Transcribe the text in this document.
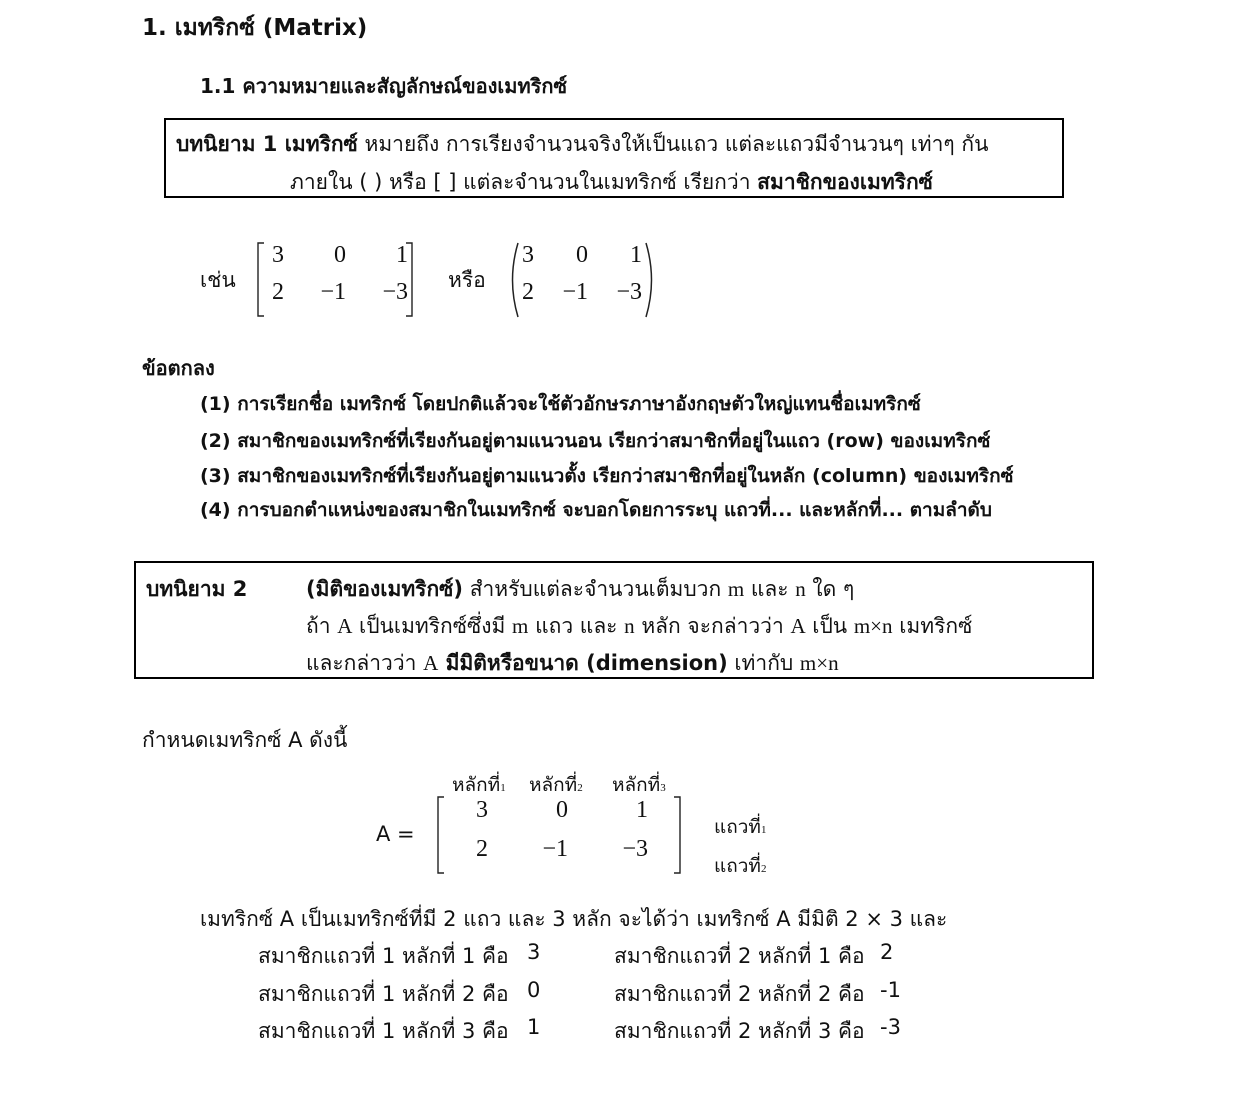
1. เมทริกซ์ (Matrix)
1.1 ความหมายและสัญลักษณ์ของเมทริกซ์
บทนิยาม 1 เมทริกซ์ หมายถึง การเรียงจำนวนจริงให้เป็นแถว แต่ละแถวมีจำนวนๆ เท่าๆ กัน
ภายใน ( ) หรือ [ ] แต่ละจำนวนในเมทริกซ์ เรียกว่า สมาชิกของเมทริกซ์
เช่น
3	0	1
2	−1	−3 หรือ
3	0	1
2	−1	−3
ข้อตกลง
(1) การเรียกชื่อ เมทริกซ์ โดยปกติแล้วจะใช้ตัวอักษรภาษาอังกฤษตัวใหญ่แทนชื่อเมทริกซ์
(2) สมาชิกของเมทริกซ์ที่เรียงกันอยู่ตามแนวนอน เรียกว่าสมาชิกที่อยู่ในแถว (row) ของเมทริกซ์
(3) สมาชิกของเมทริกซ์ที่เรียงกันอยู่ตามแนวตั้ง เรียกว่าสมาชิกที่อยู่ในหลัก (column) ของเมทริกซ์
(4) การบอกตำแหน่งของสมาชิกในเมทริกซ์ จะบอกโดยการระบุ แถวที่... และหลักที่... ตามลำดับ
บทนิยาม 2	(มิติของเมทริกซ์) สำหรับแต่ละจำนวนเต็มบวก m และ n ใด ๆ
ถ้า A เป็นเมทริกซ์ซึ่งมี m แถว และ n หลัก จะกล่าวว่า A เป็น m×n เมทริกซ์
และกล่าวว่า A มีมิติหรือขนาด (dimension) เท่ากับ m×n
กำหนดเมทริกซ์ A ดังนี้
หลักที่1 หลักที่2 หลักที่3
A =
3	0	1
2	−1	−3
แถวที่1
แถวที่2
เมทริกซ์ A เป็นเมทริกซ์ที่มี 2 แถว และ 3 หลัก จะได้ว่า เมทริกซ์ A มีมิติ 2 × 3 และ
สมาชิกแถวที่ 1 หลักที่ 1 คือ 3
สมาชิกแถวที่ 1 หลักที่ 2 คือ 0
สมาชิกแถวที่ 1 หลักที่ 3 คือ 1
สมาชิกแถวที่ 2 หลักที่ 1 คือ 2
สมาชิกแถวที่ 2 หลักที่ 2 คือ -1
สมาชิกแถวที่ 2 หลักที่ 3 คือ -3
